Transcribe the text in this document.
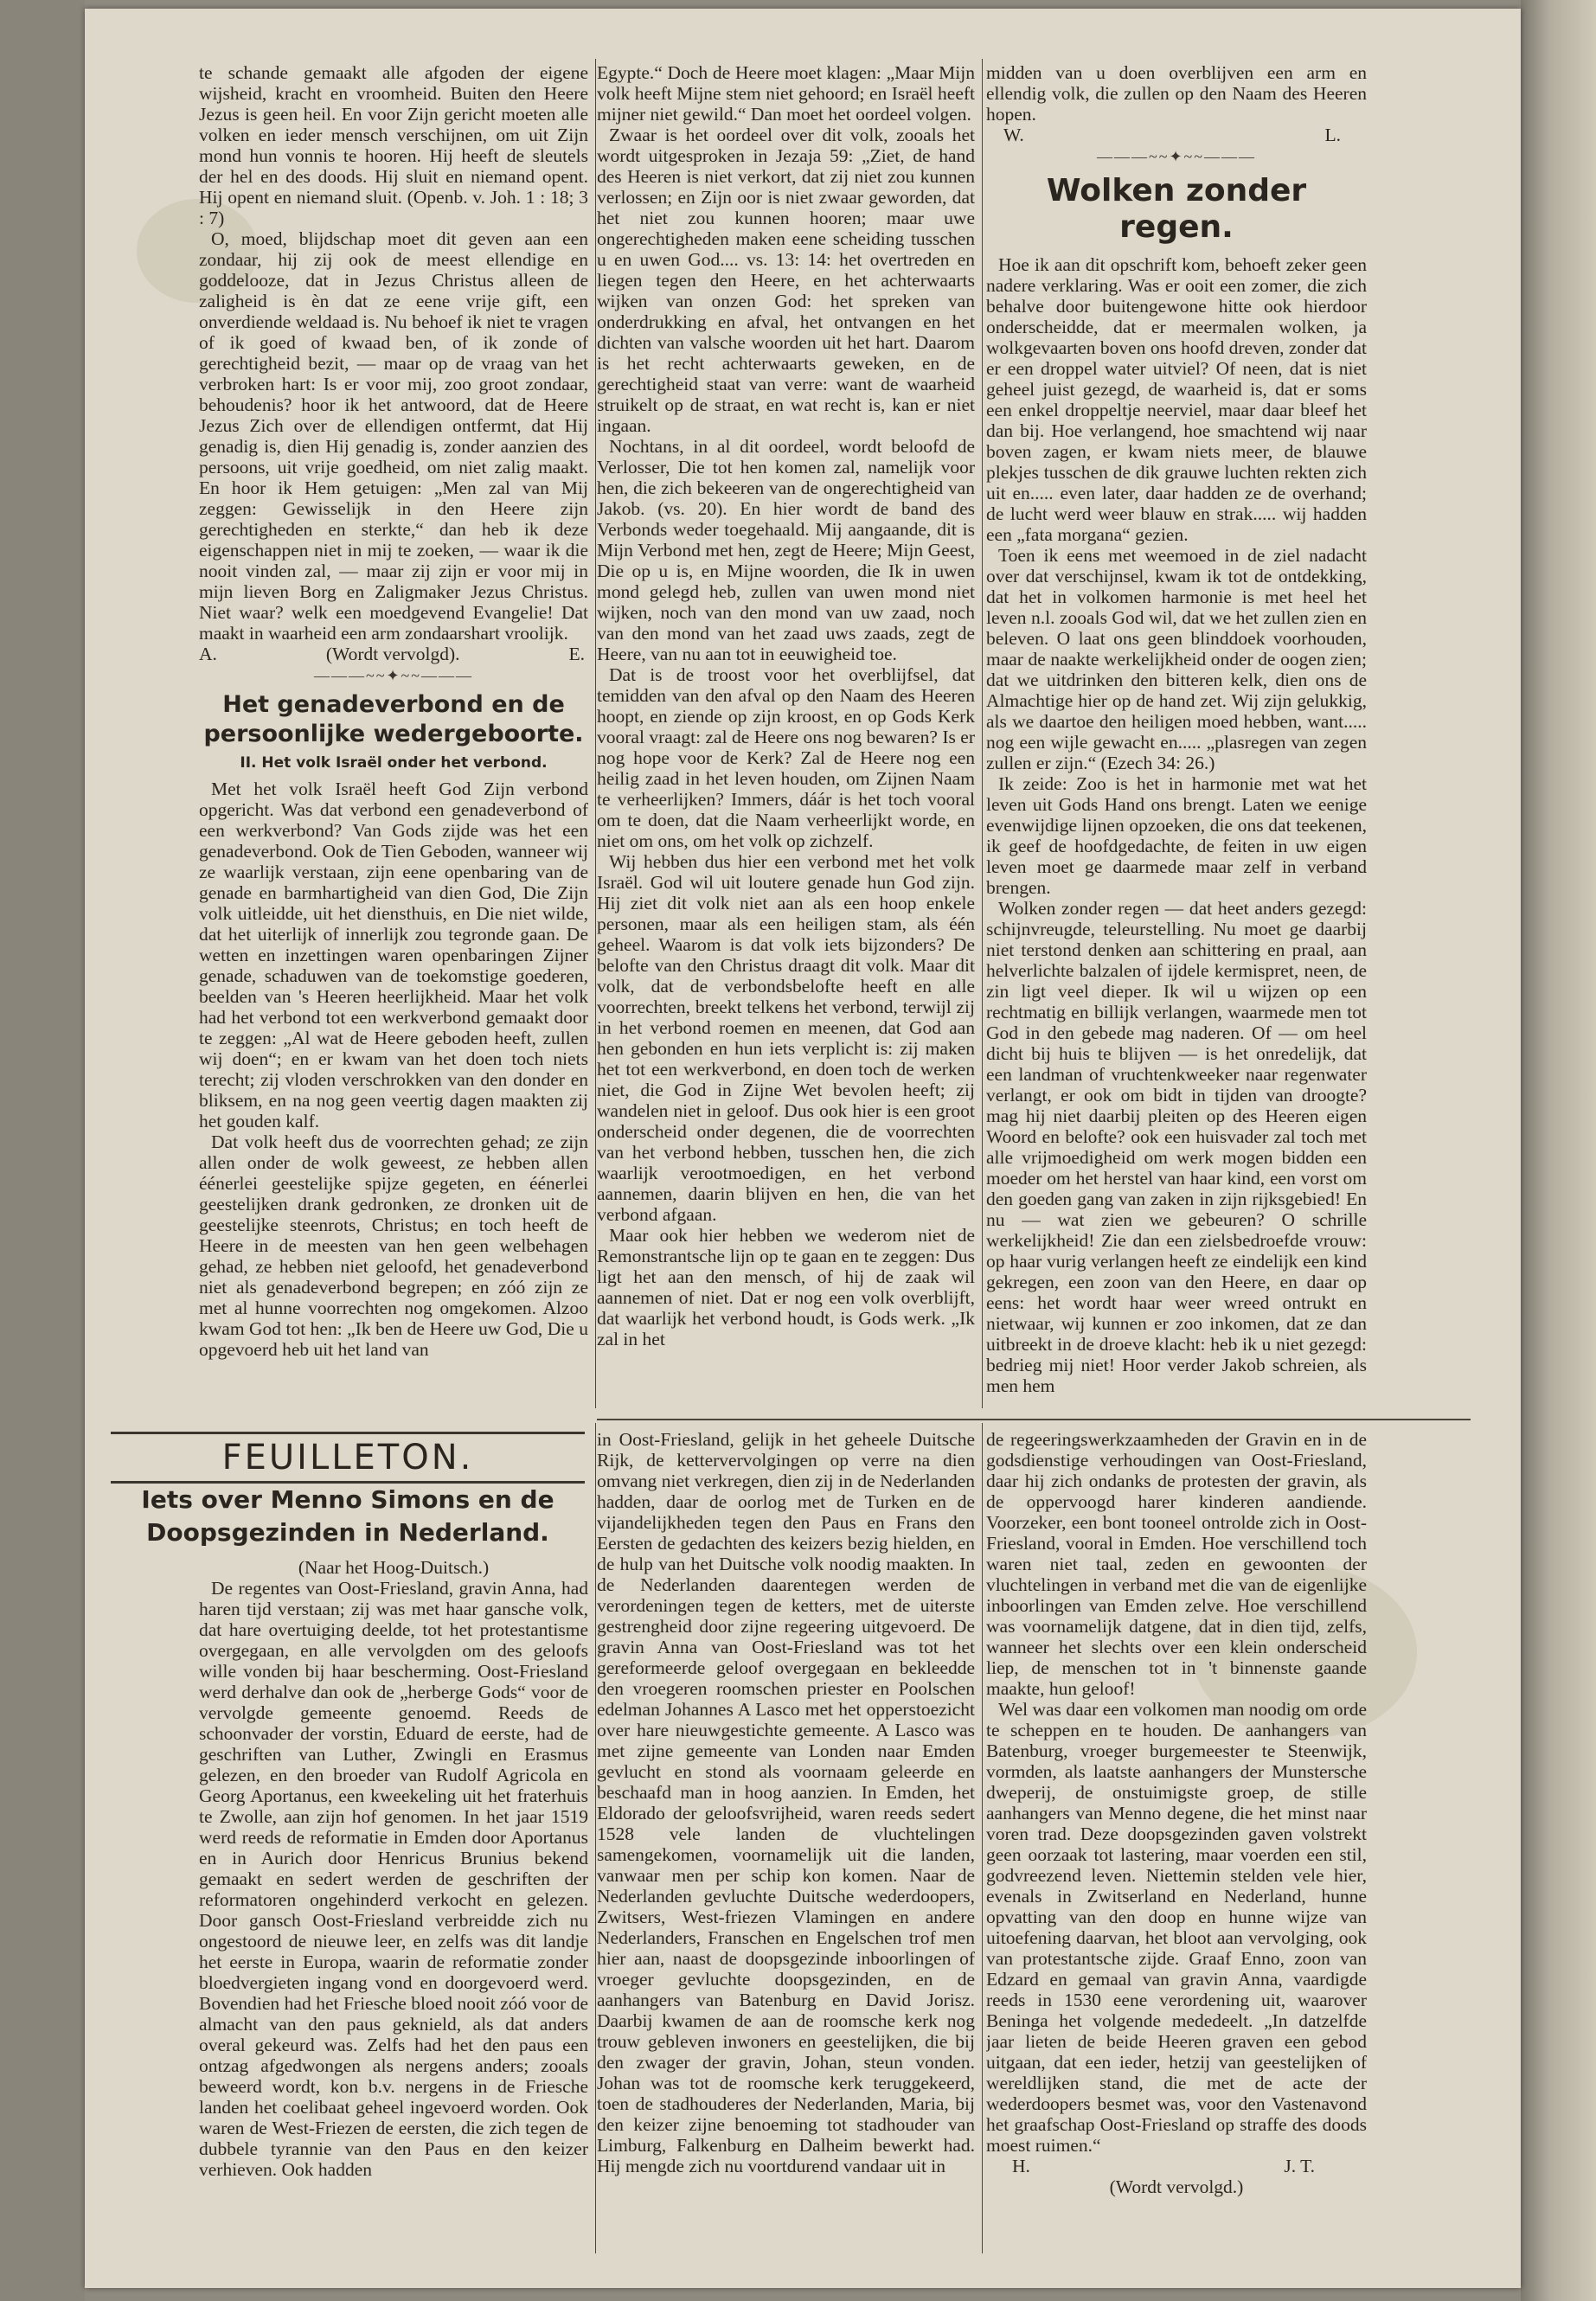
te schande gemaakt alle afgoden der eigene wijsheid, kracht en vroomheid. Buiten den Heere Jezus is geen heil. En voor Zijn gericht moeten alle volken en ieder mensch verschijnen, om uit Zijn mond hun vonnis te hooren. Hij heeft de sleutels der hel en des doods. Hij sluit en niemand opent. Hij opent en niemand sluit. (Openb. v. Joh. 1 : 18; 3 : 7)

O, moed, blijdschap moet dit geven aan een zondaar, hij zij ook de meest ellendige en goddelooze, dat in Jezus Christus alleen de zaligheid is èn dat ze eene vrije gift, een onverdiende weldaad is. Nu behoef ik niet te vragen of ik goed of kwaad ben, of ik zonde of gerechtigheid bezit, — maar op de vraag van het verbroken hart: Is er voor mij, zoo groot zondaar, behoudenis? hoor ik het antwoord, dat de Heere Jezus Zich over de ellendigen ontfermt, dat Hij genadig is, dien Hij genadig is, zonder aanzien des persoons, uit vrije goedheid, om niet zalig maakt. En hoor ik Hem getuigen: „Men zal van Mij zeggen: Gewisselijk in den Heere zijn gerechtigheden en sterkte,“ dan heb ik deze eigenschappen niet in mij te zoeken, — waar ik die nooit vinden zal, — maar zij zijn er voor mij in mijn lieven Borg en Zaligmaker Jezus Christus. Niet waar? welk een moedgevend Evangelie! Dat maakt in waarheid een arm zondaarshart vroolijk.

A.	(Wordt vervolgd).	E.
———~~✦~~———
Het genadeverbond en de persoonlijke wedergeboorte.
II. Het volk Israël onder het verbond.

Met het volk Israël heeft God Zijn verbond opgericht. Was dat verbond een genadeverbond of een werkverbond? Van Gods zijde was het een genadeverbond. Ook de Tien Geboden, wanneer wij ze waarlijk verstaan, zijn eene openbaring van de genade en barmhartigheid van dien God, Die Zijn volk uitleidde, uit het diensthuis, en Die niet wilde, dat het uiterlijk of innerlijk zou tegronde gaan. De wetten en inzettingen waren openbaringen Zijner genade, schaduwen van de toekomstige goederen, beelden van 's Heeren heerlijkheid. Maar het volk had het verbond tot een werkverbond gemaakt door te zeggen: „Al wat de Heere geboden heeft, zullen wij doen“; en er kwam van het doen toch niets terecht; zij vloden verschrokken van den donder en bliksem, en na nog geen veertig dagen maakten zij het gouden kalf.

Dat volk heeft dus de voorrechten gehad; ze zijn allen onder de wolk geweest, ze hebben allen éénerlei geestelijke spijze gegeten, en éénerlei geestelijken drank gedronken, ze dronken uit de geestelijke steenrots, Christus; en toch heeft de Heere in de meesten van hen geen welbehagen gehad, ze hebben niet geloofd, het genadeverbond niet als genadeverbond begrepen; en zóó zijn ze met al hunne voorrechten nog omgekomen. Alzoo kwam God tot hen: „Ik ben de Heere uw God, Die u opgevoerd heb uit het land van

Egypte.“ Doch de Heere moet klagen: „Maar Mijn volk heeft Mijne stem niet gehoord; en Israël heeft mijner niet gewild.“ Dan moet het oordeel volgen.

Zwaar is het oordeel over dit volk, zooals het wordt uitgesproken in Jezaja 59: „Ziet, de hand des Heeren is niet verkort, dat zij niet zou kunnen verlossen; en Zijn oor is niet zwaar geworden, dat het niet zou kunnen hooren; maar uwe ongerechtigheden maken eene scheiding tusschen u en uwen God.... vs. 13: 14: het overtreden en liegen tegen den Heere, en het achterwaarts wijken van onzen God: het spreken van onderdrukking en afval, het ontvangen en het dichten van valsche woorden uit het hart. Daarom is het recht achterwaarts geweken, en de gerechtigheid staat van verre: want de waarheid struikelt op de straat, en wat recht is, kan er niet ingaan.

Nochtans, in al dit oordeel, wordt beloofd de Verlosser, Die tot hen komen zal, namelijk voor hen, die zich bekeeren van de ongerechtigheid van Jakob. (vs. 20). En hier wordt de band des Verbonds weder toegehaald. Mij aangaande, dit is Mijn Verbond met hen, zegt de Heere; Mijn Geest, Die op u is, en Mijne woorden, die Ik in uwen mond gelegd heb, zullen van uwen mond niet wijken, noch van den mond van uw zaad, noch van den mond van het zaad uws zaads, zegt de Heere, van nu aan tot in eeuwigheid toe.

Dat is de troost voor het overblijfsel, dat temidden van den afval op den Naam des Heeren hoopt, en ziende op zijn kroost, en op Gods Kerk vooral vraagt: zal de Heere ons nog bewaren? Is er nog hope voor de Kerk? Zal de Heere nog een heilig zaad in het leven houden, om Zijnen Naam te verheerlijken? Immers, dáár is het toch vooral om te doen, dat die Naam verheerlijkt worde, en niet om ons, om het volk op zichzelf.

Wij hebben dus hier een verbond met het volk Israël. God wil uit loutere genade hun God zijn. Hij ziet dit volk niet aan als een hoop enkele personen, maar als een heiligen stam, als één geheel. Waarom is dat volk iets bijzonders? De belofte van den Christus draagt dit volk. Maar dit volk, dat de verbondsbelofte heeft en alle voorrechten, breekt telkens het verbond, terwijl zij in het verbond roemen en meenen, dat God aan hen gebonden en hun iets verplicht is: zij maken het tot een werkverbond, en doen toch de werken niet, die God in Zijne Wet bevolen heeft; zij wandelen niet in geloof. Dus ook hier is een groot onderscheid onder degenen, die de voorrechten van het verbond hebben, tusschen hen, die zich waarlijk verootmoedigen, en het verbond aannemen, daarin blijven en hen, die van het verbond afgaan.

Maar ook hier hebben we wederom niet de Remonstrantsche lijn op te gaan en te zeggen: Dus ligt het aan den mensch, of hij de zaak wil aannemen of niet. Dat er nog een volk overblijft, dat waarlijk het verbond houdt, is Gods werk. „Ik zal in het

midden van u doen overblijven een arm en ellendig volk, die zullen op den Naam des Heeren hopen.

W.	L.
———~~✦~~———
Wolken zonder regen.

Hoe ik aan dit opschrift kom, behoeft zeker geen nadere verklaring. Was er ooit een zomer, die zich behalve door buitengewone hitte ook hierdoor onderscheidde, dat er meermalen wolken, ja wolkgevaarten boven ons hoofd dreven, zonder dat er een droppel water uitviel? Of neen, dat is niet geheel juist gezegd, de waarheid is, dat er soms een enkel droppeltje neerviel, maar daar bleef het dan bij. Hoe verlangend, hoe smachtend wij naar boven zagen, er kwam niets meer, de blauwe plekjes tusschen de dik grauwe luchten rekten zich uit en..... even later, daar hadden ze de overhand; de lucht werd weer blauw en strak..... wij hadden een „fata morgana“ gezien.

Toen ik eens met weemoed in de ziel nadacht over dat verschijnsel, kwam ik tot de ontdekking, dat het in volkomen harmonie is met heel het leven n.l. zooals God wil, dat we het zullen zien en beleven. O laat ons geen blinddoek voorhouden, maar de naakte werkelijkheid onder de oogen zien; dat we uitdrinken den bitteren kelk, dien ons de Almachtige hier op de hand zet. Wij zijn gelukkig, als we daartoe den heiligen moed hebben, want..... nog een wijle gewacht en..... „plasregen van zegen zullen er zijn.“ (Ezech 34: 26.)

Ik zeide: Zoo is het in harmonie met wat het leven uit Gods Hand ons brengt. Laten we eenige evenwijdige lijnen opzoeken, die ons dat teekenen, ik geef de hoofdgedachte, de feiten in uw eigen leven moet ge daarmede maar zelf in verband brengen.

Wolken zonder regen — dat heet anders gezegd: schijnvreugde, teleurstelling. Nu moet ge daarbij niet terstond denken aan schittering en praal, aan helverlichte balzalen of ijdele kermispret, neen, de zin ligt veel dieper. Ik wil u wijzen op een rechtmatig en billijk verlangen, waarmede men tot God in den gebede mag naderen. Of — om heel dicht bij huis te blijven — is het onredelijk, dat een landman of vruchtenkweeker naar regenwater verlangt, er ook om bidt in tijden van droogte? mag hij niet daarbij pleiten op des Heeren eigen Woord en belofte? ook een huisvader zal toch met alle vrijmoedigheid om werk mogen bidden een moeder om het herstel van haar kind, een vorst om den goeden gang van zaken in zijn rijksgebied! En nu — wat zien we gebeuren? O schrille werkelijkheid! Zie dan een zielsbedroefde vrouw: op haar vurig verlangen heeft ze eindelijk een kind gekregen, een zoon van den Heere, en daar op eens: het wordt haar weer wreed ontrukt en nietwaar, wij kunnen er zoo inkomen, dat ze dan uitbreekt in de droeve klacht: heb ik u niet gezegd: bedrieg mij niet! Hoor verder Jakob schreien, als men hem

FEUILLETON.
Iets over Menno Simons en de Doopsgezinden in Nederland.

(Naar het Hoog-Duitsch.)

De regentes van Oost-Friesland, gravin Anna, had haren tijd verstaan; zij was met haar gansche volk, dat hare overtuiging deelde, tot het protestantisme overgegaan, en alle vervolgden om des geloofs wille vonden bij haar bescherming. Oost-Friesland werd derhalve dan ook de „herberge Gods“ voor de vervolgde gemeente genoemd. Reeds de schoonvader der vorstin, Eduard de eerste, had de geschriften van Luther, Zwingli en Erasmus gelezen, en den broeder van Rudolf Agricola en Georg Aportanus, een kweekeling uit het fraterhuis te Zwolle, aan zijn hof genomen. In het jaar 1519 werd reeds de reformatie in Emden door Aportanus en in Aurich door Henricus Brunius bekend gemaakt en sedert werden de geschriften der reformatoren ongehinderd verkocht en gelezen. Door gansch Oost-Friesland verbreidde zich nu ongestoord de nieuwe leer, en zelfs was dit landje het eerste in Europa, waarin de reformatie zonder bloedvergieten ingang vond en doorgevoerd werd. Bovendien had het Friesche bloed nooit zóó voor de almacht van den paus geknield, als dat anders overal gekeurd was. Zelfs had het den paus een ontzag afgedwongen als nergens anders; zooals beweerd wordt, kon b.v. nergens in de Friesche landen het coelibaat geheel ingevoerd worden. Ook waren de West-Friezen de eersten, die zich tegen de dubbele tyrannie van den Paus en den keizer verhieven. Ook hadden

in Oost-Friesland, gelijk in het geheele Duitsche Rijk, de kettervervolgingen op verre na dien omvang niet verkregen, dien zij in de Nederlanden hadden, daar de oorlog met de Turken en de vijandelijkheden tegen den Paus en Frans den Eersten de gedachten des keizers bezig hielden, en de hulp van het Duitsche volk noodig maakten. In de Nederlanden daarentegen werden de verordeningen tegen de ketters, met de uiterste gestrengheid door zijne regeering uitgevoerd. De gravin Anna van Oost-Friesland was tot het gereformeerde geloof overgegaan en bekleedde den vroegeren roomschen priester en Poolschen edelman Johannes A Lasco met het opperstoezicht over hare nieuwgestichte gemeente. A Lasco was met zijne gemeente van Londen naar Emden gevlucht en stond als voornaam geleerde en beschaafd man in hoog aanzien. In Emden, het Eldorado der geloofsvrijheid, waren reeds sedert 1528 vele landen de vluchtelingen samengekomen, voornamelijk uit die landen, vanwaar men per schip kon komen. Naar de Nederlanden gevluchte Duitsche wederdoopers, Zwitsers, West-friezen Vlamingen en andere Nederlanders, Franschen en Engelschen trof men hier aan, naast de doopsgezinde inboorlingen of vroeger gevluchte doopsgezinden, en de aanhangers van Batenburg en David Jorisz. Daarbij kwamen de aan de roomsche kerk nog trouw gebleven inwoners en geestelijken, die bij den zwager der gravin, Johan, steun vonden. Johan was tot de roomsche kerk teruggekeerd, toen de stadhouderes der Nederlanden, Maria, bij den keizer zijne benoeming tot stadhouder van Limburg, Falkenburg en Dalheim bewerkt had. Hij mengde zich nu voortdurend vandaar uit in

de regeeringswerkzaamheden der Gravin en in de godsdienstige verhoudingen van Oost-Friesland, daar hij zich ondanks de protesten der gravin, als de oppervoogd harer kinderen aandiende. Voorzeker, een bont tooneel ontrolde zich in Oost-Friesland, vooral in Emden. Hoe verschillend toch waren niet taal, zeden en gewoonten der vluchtelingen in verband met die van de eigenlijke inboorlingen van Emden zelve. Hoe verschillend was voornamelijk datgene, dat in dien tijd, zelfs, wanneer het slechts over een klein onderscheid liep, de menschen tot in 't binnenste gaande maakte, hun geloof!

Wel was daar een volkomen man noodig om orde te scheppen en te houden. De aanhangers van Batenburg, vroeger burgemeester te Steenwijk, vormden, als laatste aanhangers der Munstersche dweperij, de onstuimigste groep, de stille aanhangers van Menno degene, die het minst naar voren trad. Deze doopsgezinden gaven volstrekt geen oorzaak tot lastering, maar voerden een stil, godvreezend leven. Niettemin stelden vele hier, evenals in Zwitserland en Nederland, hunne opvatting van den doop en hunne wijze van uitoefening daarvan, het bloot aan vervolging, ook van protestantsche zijde. Graaf Enno, zoon van Edzard en gemaal van gravin Anna, vaardigde reeds in 1530 eene verordening uit, waarover Beninga het volgende mededeelt. „In datzelfde jaar lieten de beide Heeren graven een gebod uitgaan, dat een ieder, hetzij van geestelijken of wereldlijken stand, die met de acte der wederdoopers besmet was, voor den Vastenavond het graafschap Oost-Friesland op straffe des doods moest ruimen.“

H.	J. T.

(Wordt vervolgd.)
